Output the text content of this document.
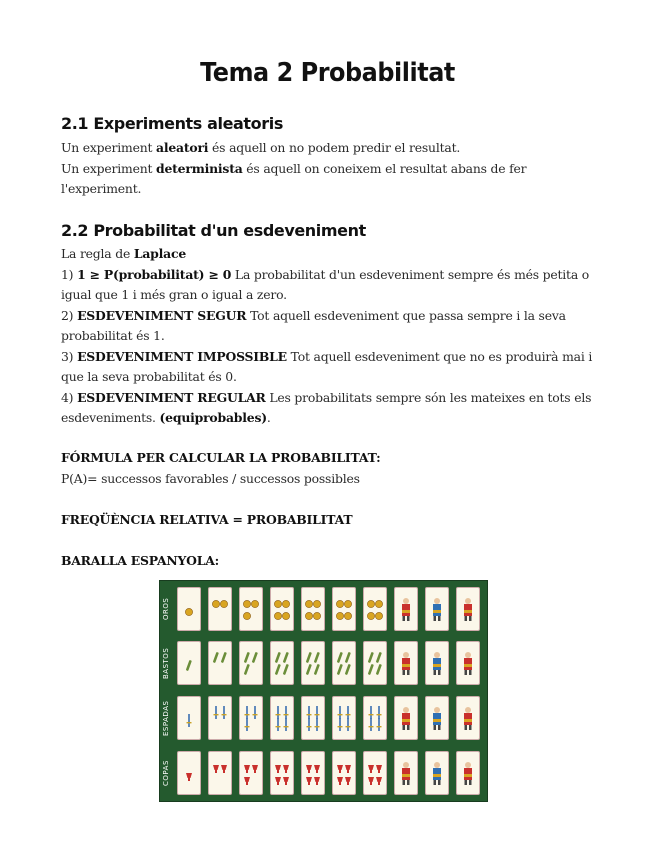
Tema 2 Probabilitat
2.1 Experiments aleatoris
Un experiment aleatori és aquell on no podem predir el resultat.
Un experiment determinista és aquell on coneixem el resultat abans de fer l'experiment.
2.2 Probabilitat d'un esdeveniment
La regla de Laplace
1) 1 ≥ P(probabilitat) ≥ 0 La probabilitat d'un esdeveniment sempre és més petita o igual que 1 i més gran o igual a zero.
2) ESDEVENIMENT SEGUR Tot aquell esdeveniment que passa sempre i la seva probabilitat és 1.
3) ESDEVENIMENT IMPOSSIBLE Tot aquell esdeveniment que no es produirà mai i que la seva probabilitat és 0.
4) ESDEVENIMENT REGULAR Les probabilitats sempre són les mateixes en tots els esdeveniments. (equiprobables).
FÓRMULA PER CALCULAR LA PROBABILITAT:
P(A)= successos favorables / successos possibles
FREQÜÈNCIA RELATIVA = PROBABILITAT
BARALLA ESPANYOLA:
OROS
BASTOS
ESPADAS
COPAS
